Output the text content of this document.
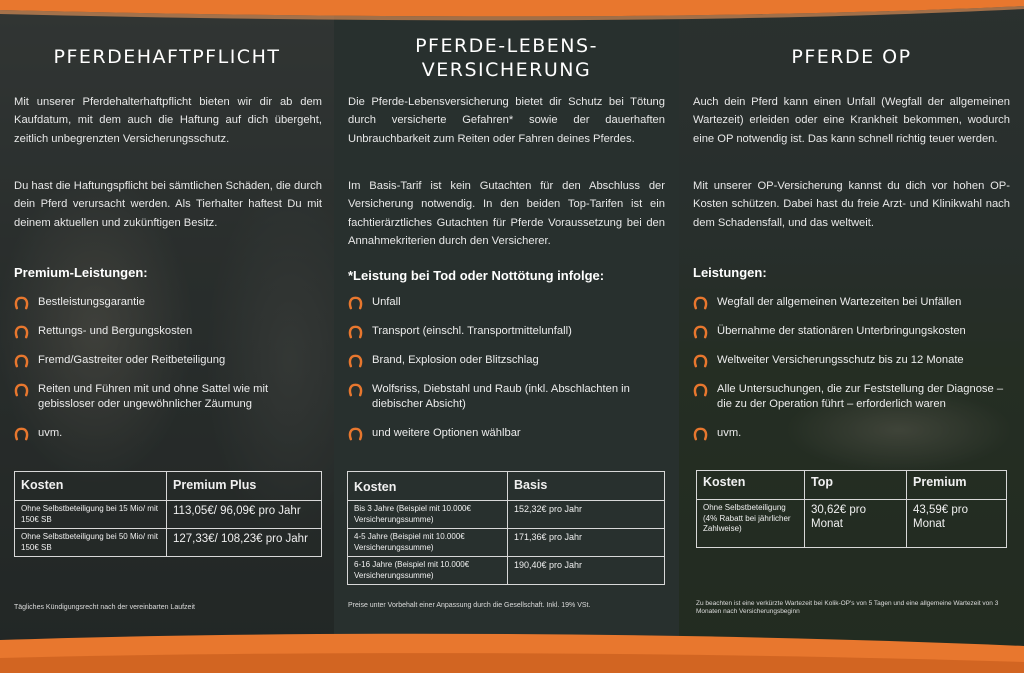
PFERDEHAFTPFLICHT

Mit unserer Pferdehalterhaftpflicht bieten wir dir ab dem Kaufdatum, mit dem auch die Haftung auf dich übergeht, zeitlich unbegrenzten Versicherungsschutz.

Du hast die Haftungspflicht bei sämtlichen Schäden, die durch dein Pferd verursacht werden. Als Tierhalter haftest Du mit deinem aktuellen und zukünftigen Besitz.

Premium-Leistungen:
Bestleistungsgarantie
Rettungs- und Bergungskosten
Fremd/Gastreiter oder Reitbeteiligung
Reiten und Führen mit und ohne Sattel wie mit gebissloser oder ungewöhnlicher Zäumung
uvm.
Kosten	Premium Plus
Ohne Selbstbeteiligung bei 15 Mio/ mit 150€ SB	113,05€/ 96,09€ pro Jahr
Ohne Selbstbeteiligung bei 50 Mio/ mit 150€ SB	127,33€/ 108,23€ pro Jahr
Tägliches Kündigungsrecht nach der vereinbarten Laufzeit
PFERDE-LEBENS-
VERSICHERUNG

Die Pferde-Lebensversicherung bietet dir Schutz bei Tötung durch versicherte Gefahren* sowie der dauerhaften Unbrauchbarkeit zum Reiten oder Fahren deines Pferdes.

Im Basis-Tarif ist kein Gutachten für den Abschluss der Versicherung notwendig. In den beiden Top-Tarifen ist ein fachtierärztliches Gutachten für Pferde Voraussetzung bei den Annahmekriterien durch den Versicherer.

*Leistung bei Tod oder Nottötung infolge:
Unfall
Transport (einschl. Transportmittelunfall)
Brand, Explosion oder Blitzschlag
Wolfsriss, Diebstahl und Raub (inkl. Abschlachten in diebischer Absicht)
und weitere Optionen wählbar
Kosten	Basis
Bis 3 Jahre (Beispiel mit 10.000€ Versicherungssumme)	152,32€ pro Jahr
4-5 Jahre (Beispiel mit 10.000€ Versicherungssumme)	171,36€ pro Jahr
6-16 Jahre (Beispiel mit 10.000€ Versicherungssumme)	190,40€ pro Jahr
Preise unter Vorbehalt einer Anpassung durch die Gesellschaft. Inkl. 19% VSt.
PFERDE OP

Auch dein Pferd kann einen Unfall (Wegfall der allgemeinen Wartezeit) erleiden oder eine Krankheit bekommen, wodurch eine OP notwendig ist. Das kann schnell richtig teuer werden.

Mit unserer OP-Versicherung kannst du dich vor hohen OP-Kosten schützen. Dabei hast du freie Arzt- und Klinikwahl nach dem Schadensfall, und das weltweit.

Leistungen:
Wegfall der allgemeinen Wartezeiten bei Unfällen
Übernahme der stationären Unterbringungskosten
Weltweiter Versicherungsschutz bis zu 12 Monate
Alle Untersuchungen, die zur Feststellung der Diagnose – die zu der Operation führt – erforderlich waren
uvm.
Kosten	Top	Premium
Ohne Selbstbeteiligung (4% Rabatt bei jährlicher Zahlweise)	30,62€ pro Monat	43,59€ pro Monat
Zu beachten ist eine verkürzte Wartezeit bei Kolik-OP's von 5 Tagen und eine allgemeine Wartezeit von 3 Monaten nach Versicherungsbeginn
